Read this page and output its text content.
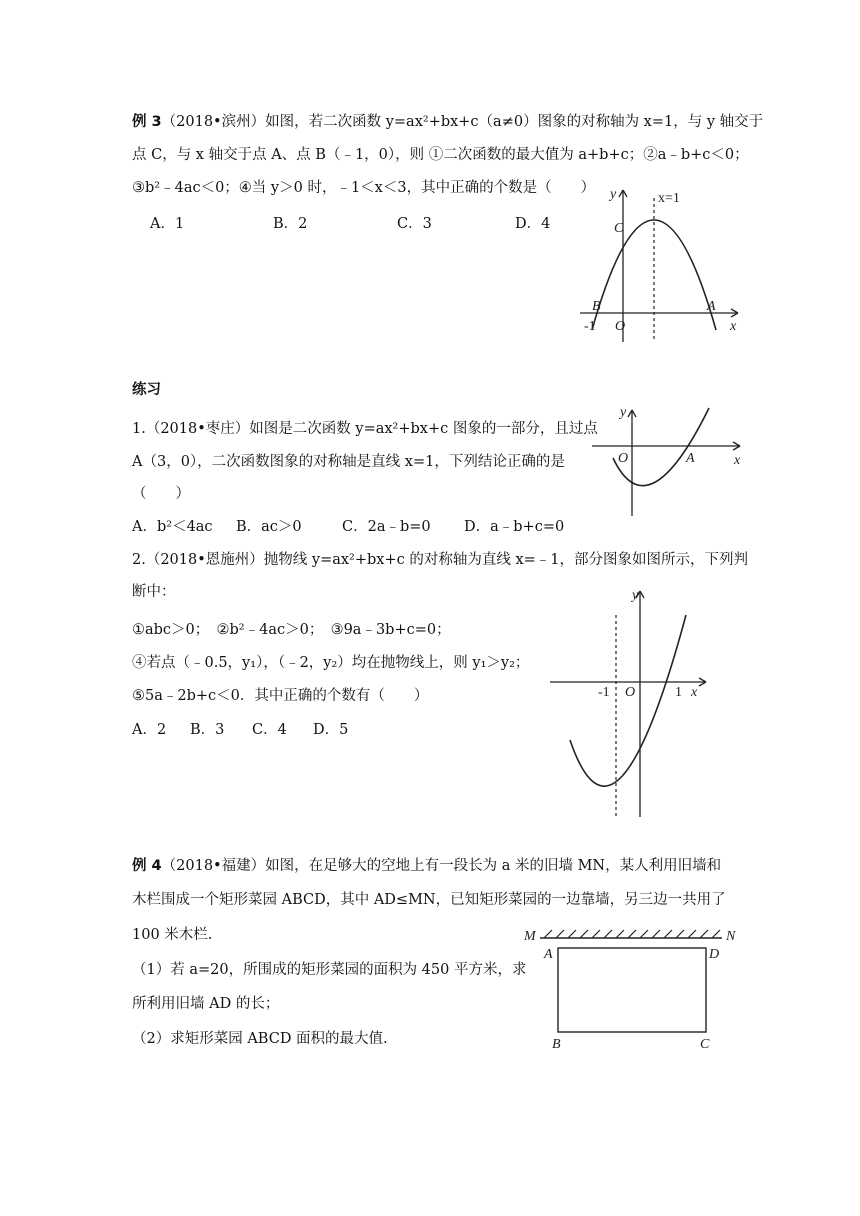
例 3（2018•滨州）如图，若二次函数 y=ax²+bx+c（a≠0）图象的对称轴为 x=1，与 y 轴交于
点 C，与 x 轴交于点 A、点 B（﹣1，0），则 ①二次函数的最大值为 a+b+c；②a﹣b+c＜0；
③b²﹣4ac＜0；④当 y＞0 时，﹣1＜x＜3，其中正确的个数是（　　）
A．1	B．2	C．3	D．4
y	x=1
C
B	A
-1 O	x
练习
1.（2018•枣庄）如图是二次函数 y=ax²+bx+c 图象的一部分，且过点
A（3，0），二次函数图象的对称轴是直线 x=1，下列结论正确的是
（　　）
A．b²＜4ac B．ac＞0	C．2a﹣b=0 D．a﹣b+c=0
y
O	A	x
2.（2018•恩施州）抛物线 y=ax²+bx+c 的对称轴为直线 x=﹣1，部分图象如图所示，下列判
断中：
①abc＞0；　②b²﹣4ac＞0；　③9a﹣3b+c=0；
④若点（﹣0.5，y₁），（﹣2，y₂）均在抛物线上，则 y₁＞y₂；
⑤5a﹣2b+c＜0．其中正确的个数有（　　）
A．2 B．3 C．4 D．5
y
-1 O	1 x
例 4（2018•福建）如图，在足够大的空地上有一段长为 a 米的旧墙 MN，某人利用旧墙和
木栏围成一个矩形菜园 ABCD，其中 AD≤MN，已知矩形菜园的一边靠墙，另三边一共用了
100 米木栏.
（1）若 a=20，所围成的矩形菜园的面积为 450 平方米，求
所利用旧墙 AD 的长；
（2）求矩形菜园 ABCD 面积的最大值.
M	N
A	D
B	C
